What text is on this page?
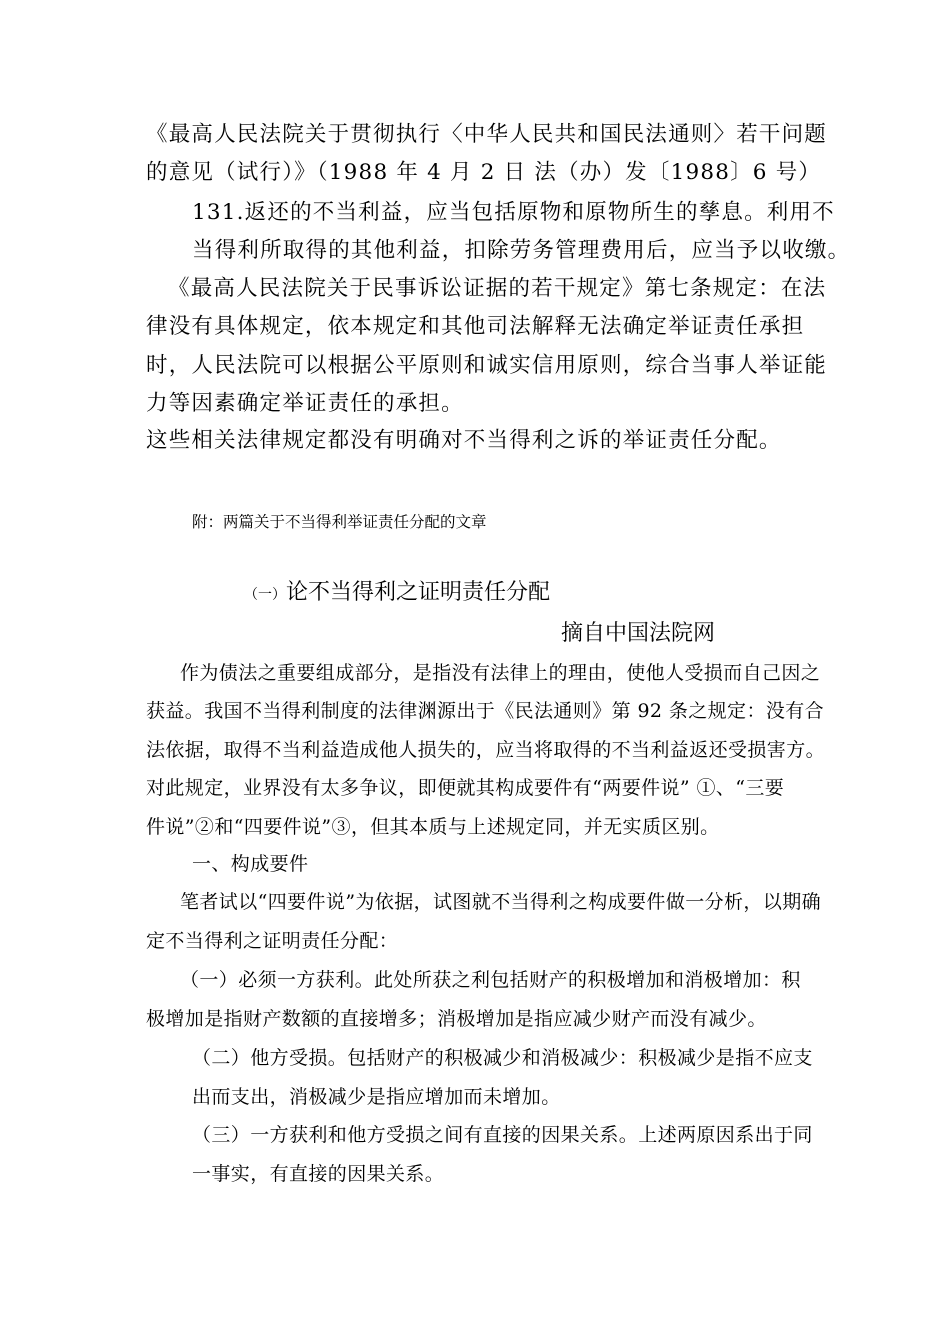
《最高人民法院关于贯彻执行〈中华人民共和国民法通则〉若干问题
的意见（试行）》（1988 年 4 月 2 日 法（办）发〔1988〕6 号）
131.返还的不当利益，应当包括原物和原物所生的孳息。利用不
当得利所取得的其他利益，扣除劳务管理费用后，应当予以收缴。
《最高人民法院关于民事诉讼证据的若干规定》第七条规定：在法
律没有具体规定，依本规定和其他司法解释无法确定举证责任承担
时，人民法院可以根据公平原则和诚实信用原则，综合当事人举证能
力等因素确定举证责任的承担。
这些相关法律规定都没有明确对不当得利之诉的举证责任分配。
附：两篇关于不当得利举证责任分配的文章
（一）论不当得利之证明责任分配
摘自中国法院网
作为债法之重要组成部分，是指没有法律上的理由，使他人受损而自己因之
获益。我国不当得利制度的法律渊源出于《民法通则》第 92 条之规定：没有合
法依据，取得不当利益造成他人损失的，应当将取得的不当利益返还受损害方。
对此规定，业界没有太多争议，即便就其构成要件有“两要件说” ①、“三要
件说”②和“四要件说”③，但其本质与上述规定同，并无实质区别。
一、构成要件
笔者试以“四要件说”为依据，试图就不当得利之构成要件做一分析，以期确
定不当得利之证明责任分配：
（一）必须一方获利。此处所获之利包括财产的积极增加和消极增加：积
极增加是指财产数额的直接增多；消极增加是指应减少财产而没有减少。
（二）他方受损。包括财产的积极减少和消极减少：积极减少是指不应支
出而支出，消极减少是指应增加而未增加。
（三）一方获利和他方受损之间有直接的因果关系。上述两原因系出于同
一事实，有直接的因果关系。
